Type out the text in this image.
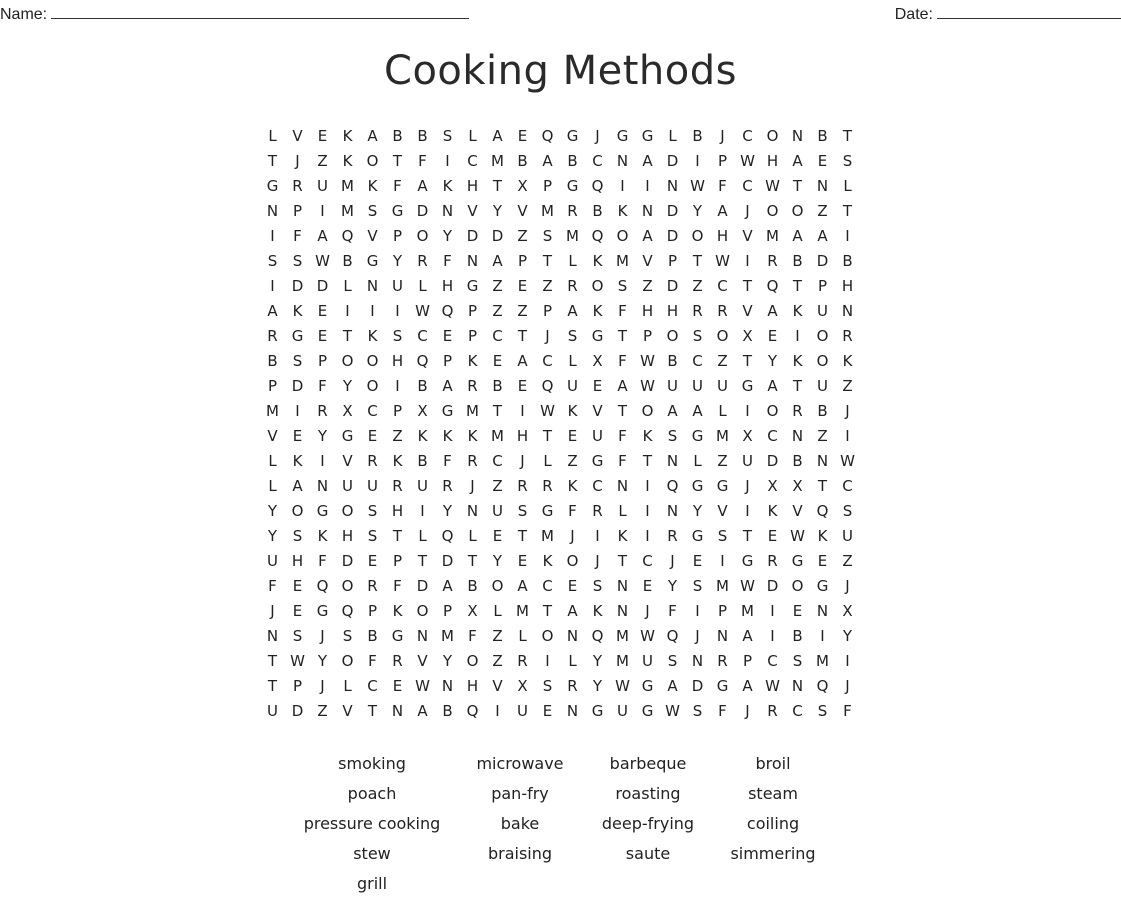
Name:	Date:
Cooking Methods
L	V	E	K A B B	S	L	A	E Q G	J	G G	L	B	J	C O N B	T
T	J	Z K O T	F	I	C M B A B C N A D	I	P W H A	E	S
G R U M K	F	A K H T	X	P G Q	I	I	N W F	C W T N	L
N P	I	M S G D N V	Y	V M R B K N D Y	A	J	O O Z	T
I	F	A Q V	P O Y D D Z	S M Q O A D O H V M A A	I
S	S W B G Y	R	F	N A	P	T	L	K M V	P	T W	I	R B D B
I	D D	L	N U	L	H G Z	E	Z R O S	Z D Z C	T Q T	P H
A K	E	I	I	I	W Q P	Z Z	P	A K	F	H H R R V A K U N
R G E	T	K	S C	E	P	C	T	J	S G T	P O S O X	E	I	O R
B	S	P O O H Q P	K	E	A C	L	X	F W B C Z	T	Y	K O K
P D F	Y O	I	B A R B	E Q U E	A W U U U G A	T U Z
M	I	R X C	P	X G M T	I	W K V	T O A A	L	I	O R B	J
V	E	Y G E	Z K	K	K M H T	E U	F	K	S G M X C N Z	I
L	K	I	V R K B	F	R C	J	L	Z G F	T N	L	Z U D B N W
L	A N U U R U R	J	Z R R K C N	I	Q G G	J	X X	T	C
Y O G O S H	I	Y N U S G F	R	L	I	N Y	V	I	K V Q S
Y	S	K H S	T	L Q L	E	T M	J	I	K	I	R G S	T	E W K U
U H	F D E	P	T D T	Y	E	K O	J	T	C	J	E	I	G R G E	Z
F	E Q O R	F D A B O A C	E	S N E	Y	S M W D O G	J
J	E G Q P	K O P	X	L M T	A K N	J	F	I	P M	I	E N X
N S	J	S	B G N M F	Z	L O N Q M W Q	J	N A	I	B	I	Y
T W Y O F	R V	Y O Z R	I	L	Y M U S N R	P	C	S M	I
T	P	J	L	C	E W N H V X	S	R	Y W G A D G A W N Q	J
U D Z V	T N A B Q	I	U E N G U G W S	F	J	R C	S	F
smoking	microwave	barbeque	broil
poach	pan-fry	roasting	steam
pressure cooking	bake	deep-frying	coiling
stew	braising	saute	simmering
grill
